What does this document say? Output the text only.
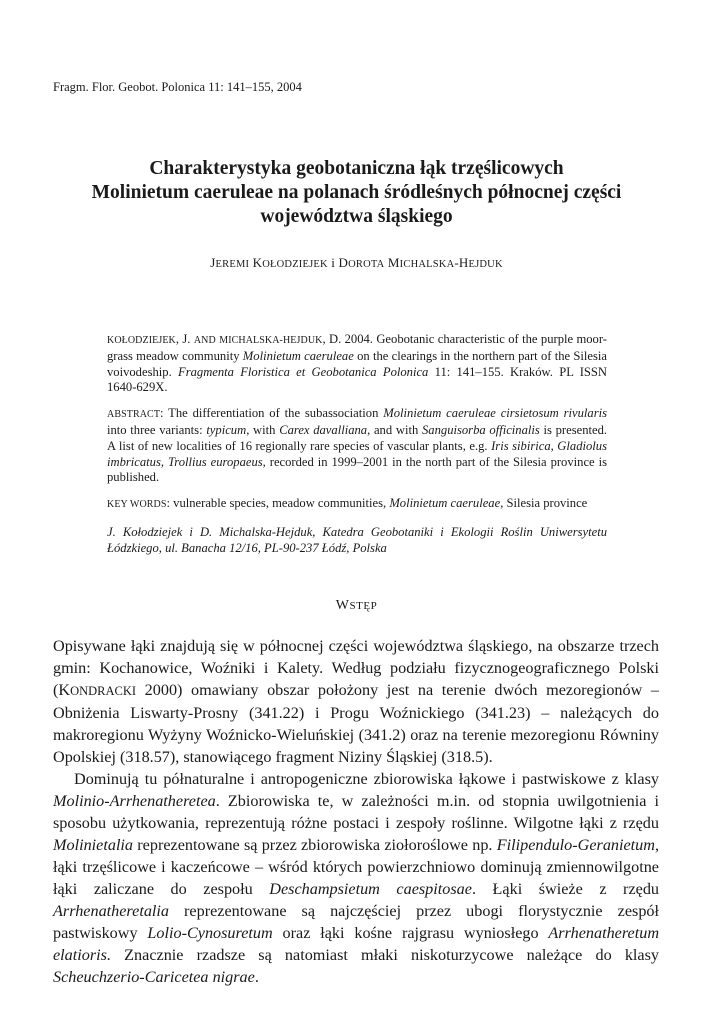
Fragm. Flor. Geobot. Polonica 11: 141–155, 2004
Charakterystyka geobotaniczna łąk trzęślicowych
Molinietum caeruleae na polanach śródleśnych północnej części
województwa śląskiego
JEREMI KOŁODZIEJEK i DOROTA MICHALSKA-HEJDUK

KOŁODZIEJEK, J. AND MICHALSKA-HEJDUK, D. 2004. Geobotanic characteristic of the purple moor-grass meadow community Molinietum caeruleae on the clearings in the northern part of the Silesia voivodeship. Fragmenta Floristica et Geobotanica Polonica 11: 141–155. Kraków. PL ISSN 1640-629X.

ABSTRACT: The differentiation of the subassociation Molinietum caeruleae cirsietosum rivularis into three variants: typicum, with Carex davalliana, and with Sanguisorba officinalis is presented. A list of new localities of 16 regionally rare species of vascular plants, e.g. Iris sibirica, Gladiolus imbricatus, Trollius europaeus, recorded in 1999–2001 in the north part of the Silesia province is published.

KEY WORDS: vulnerable species, meadow communities, Molinietum caeruleae, Silesia province

J. Kołodziejek i D. Michalska-Hejduk, Katedra Geobotaniki i Ekologii Roślin Uniwersytetu Łódzkiego, ul. Banacha 12/16, PL-90-237 Łódź, Polska

WSTĘP

Opisywane łąki znajdują się w północnej części województwa śląskiego, na obszarze trzech gmin: Kochanowice, Woźniki i Kalety. Według podziału fizycznogeograficznego Polski (KONDRACKI 2000) omawiany obszar położony jest na terenie dwóch mezoregionów – Obniżenia Liswarty-Prosny (341.22) i Progu Woźnickiego (341.23) – należących do makroregionu Wyżyny Woźnicko-Wieluńskiej (341.2) oraz na terenie mezoregionu Równiny Opolskiej (318.57), stanowiącego fragment Niziny Śląskiej (318.5).

Dominują tu półnaturalne i antropogeniczne zbiorowiska łąkowe i pastwiskowe z klasy Molinio-Arrhenatheretea. Zbiorowiska te, w zależności m.in. od stopnia uwilgotnienia i sposobu użytkowania, reprezentują różne postaci i zespoły roślinne. Wilgotne łąki z rzędu Molinietalia reprezentowane są przez zbiorowiska ziołoroślowe np. Filipendulo-Geranietum, łąki trzęślicowe i kaczeńcowe – wśród których powierzchniowo dominują zmiennowilgotne łąki zaliczane do zespołu Deschampsietum caespitosae. Łąki świeże z rzędu Arrhenatheretalia reprezentowane są najczęściej przez ubogi florystycznie zespół pastwiskowy Lolio-Cynosuretum oraz łąki kośne rajgrasu wyniosłego Arrhenatheretum elatioris. Znacznie rzadsze są natomiast młaki niskoturzycowe należące do klasy Scheuchzerio-Caricetea nigrae.
